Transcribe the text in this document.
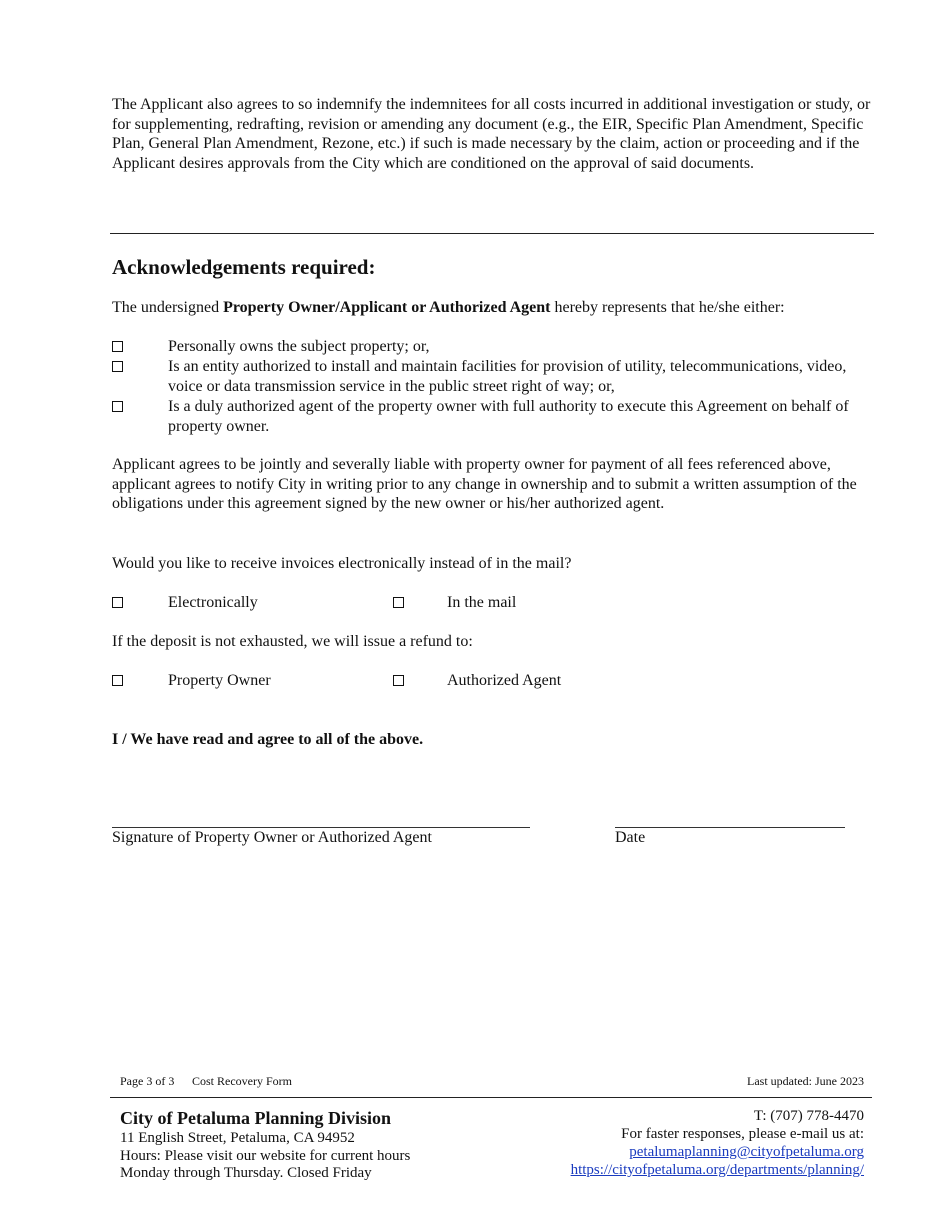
The Applicant also agrees to so indemnify the indemnitees for all costs incurred in additional investigation or study, or for supplementing, redrafting, revision or amending any document (e.g., the EIR, Specific Plan Amendment, Specific Plan, General Plan Amendment, Rezone, etc.) if such is made necessary by the claim, action or proceeding and if the Applicant desires approvals from the City which are conditioned on the approval of said documents.

Acknowledgements required:

The undersigned Property Owner/Applicant or Authorized Agent hereby represents that he/she either:

Personally owns the subject property; or,

Is an entity authorized to install and maintain facilities for provision of utility, telecommunications, video, voice or data transmission service in the public street right of way; or,

Is a duly authorized agent of the property owner with full authority to execute this Agreement on behalf of property owner.

Applicant agrees to be jointly and severally liable with property owner for payment of all fees referenced above, applicant agrees to notify City in writing prior to any change in ownership and to submit a written assumption of the obligations under this agreement signed by the new owner or his/her authorized agent.

Would you like to receive invoices electronically instead of in the mail?

Electronically	In the mail

If the deposit is not exhausted, we will issue a refund to:

Property Owner	Authorized Agent

I / We have read and agree to all of the above.

Signature of Property Owner or Authorized Agent	Date

Page 3 of 3 Cost Recovery Form	Last updated: June 2023

City of Petaluma Planning Division

11 English Street, Petaluma, CA 94952

Hours: Please visit our website for current hours

Monday through Thursday. Closed Friday

T: (707) 778-4470

For faster responses, please e-mail us at:

petalumaplanning@cityofpetaluma.org

https://cityofpetaluma.org/departments/planning/
